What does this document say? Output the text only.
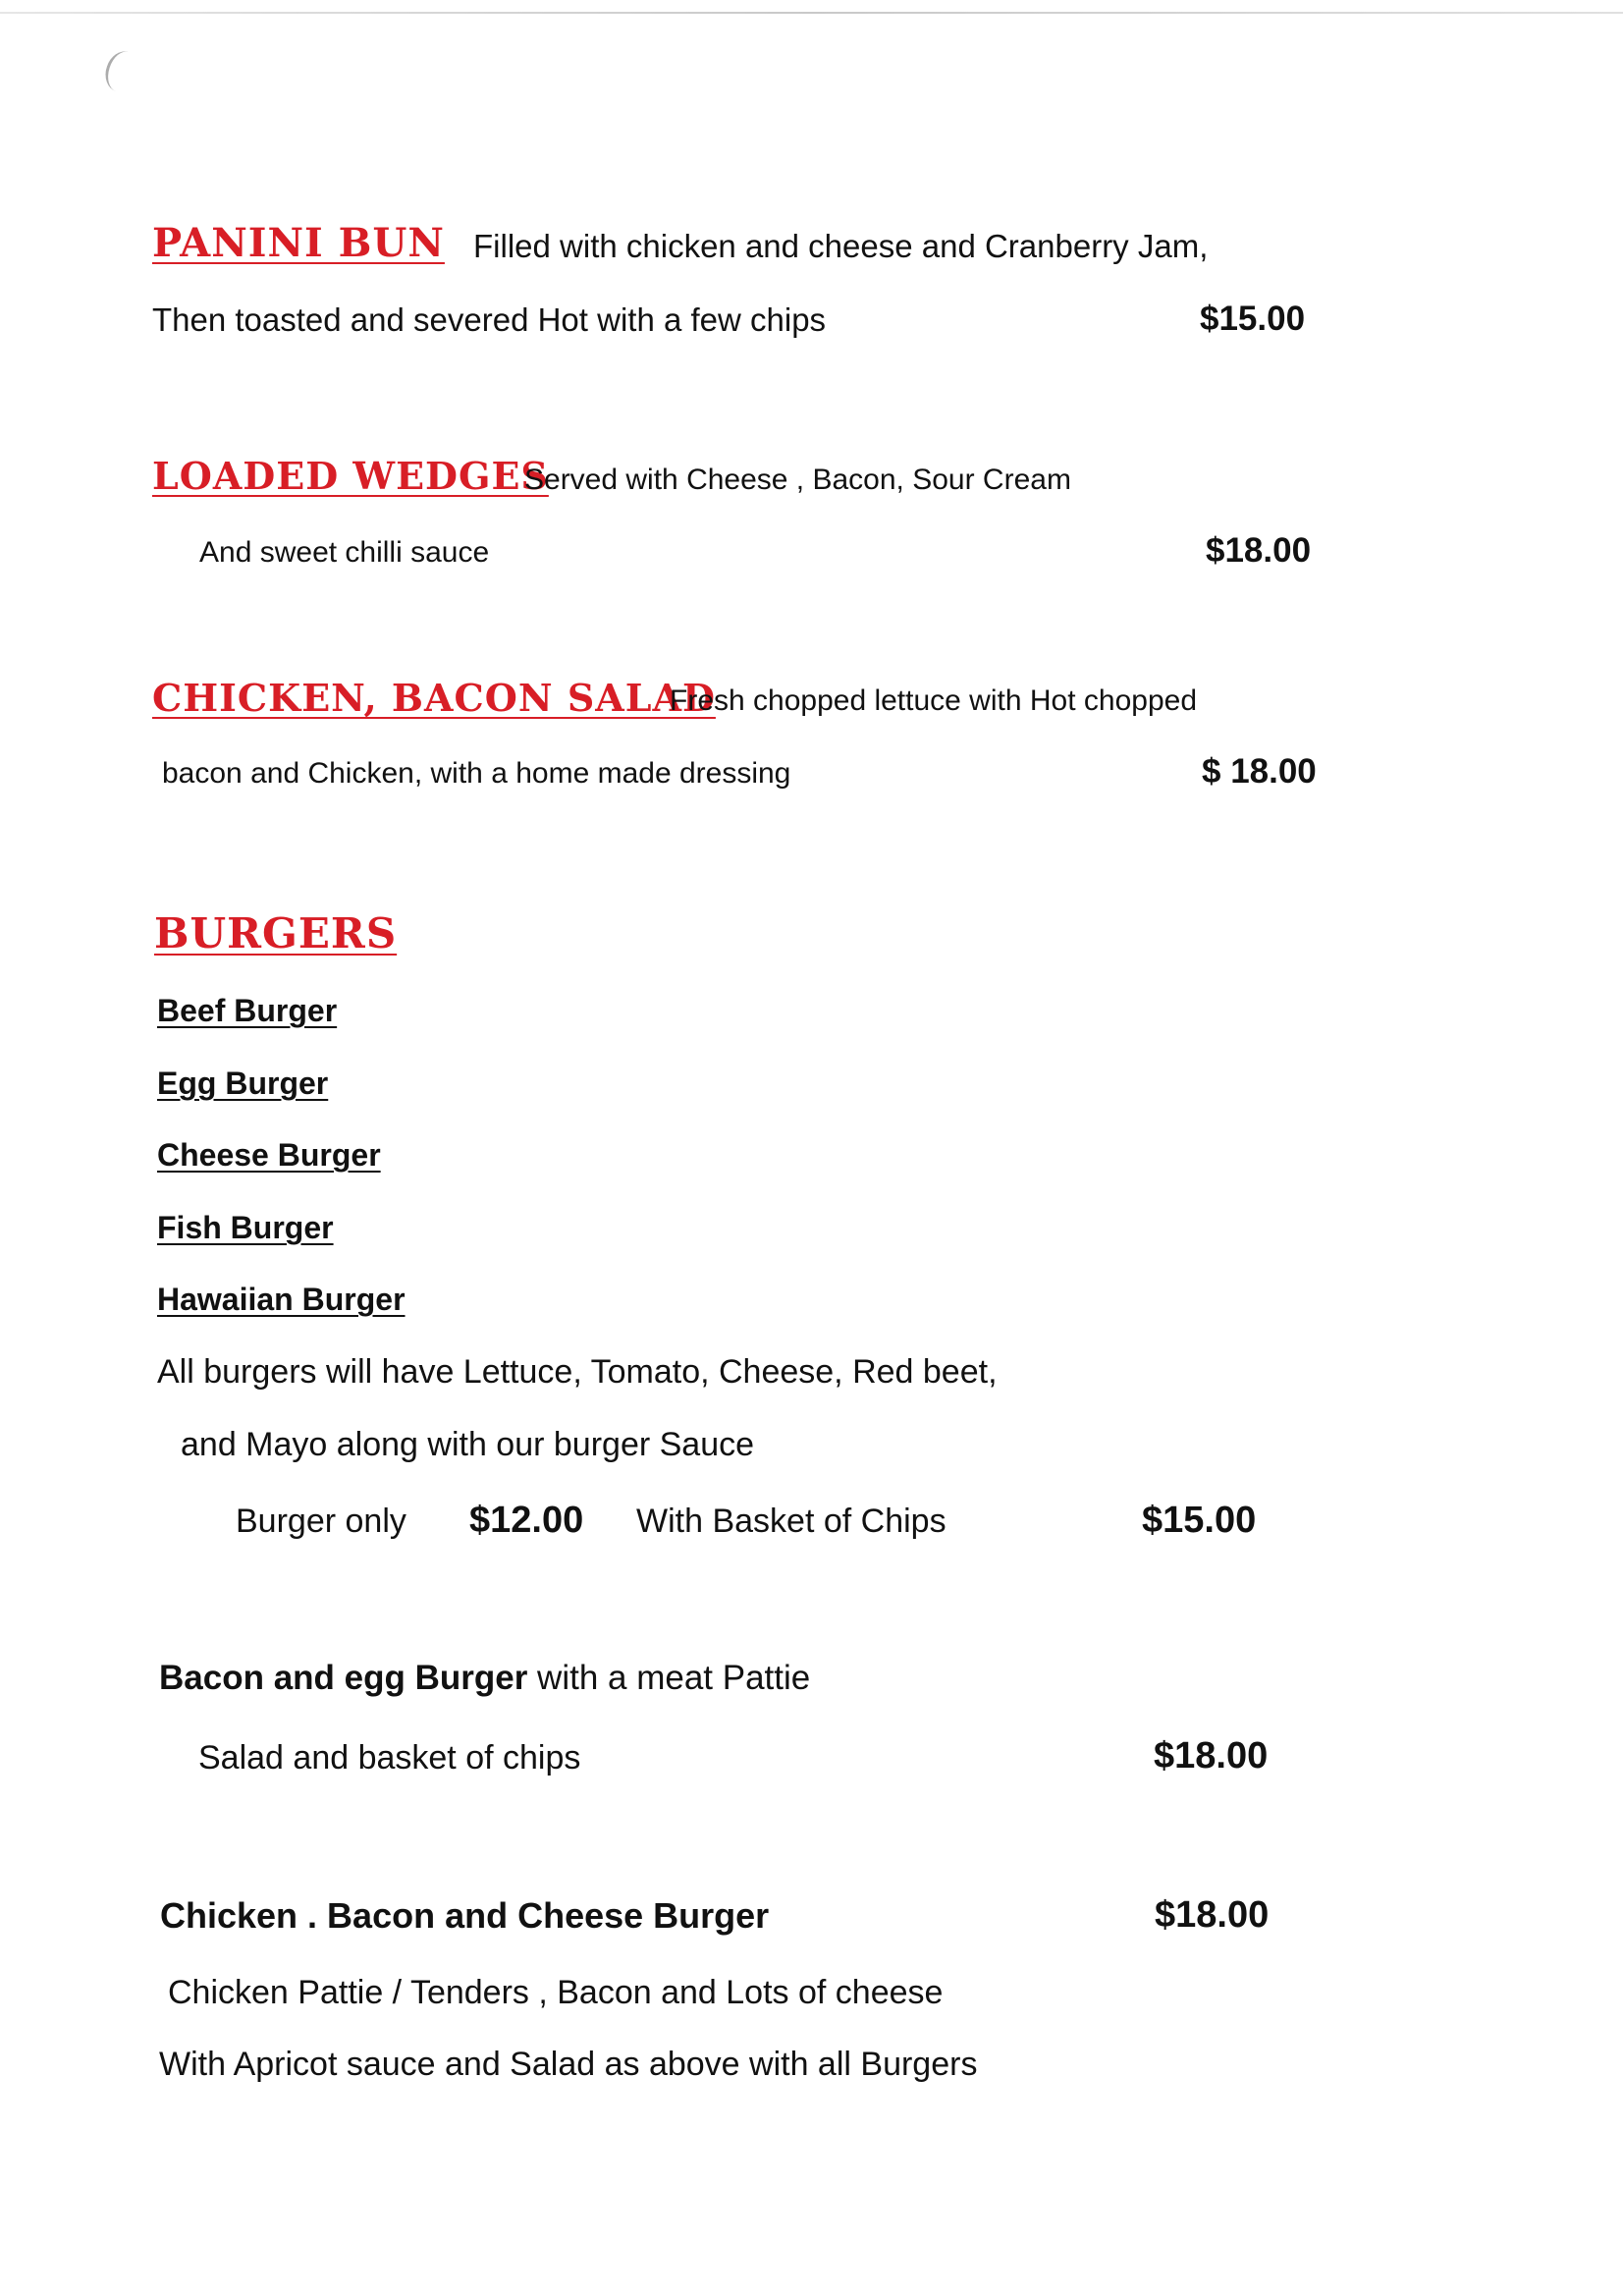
PANINI BUN Filled with chicken and cheese and Cranberry Jam,
Then toasted and severed Hot with a few chips	$15.00
LOADED WEDGES
Served with Cheese , Bacon, Sour Cream
And sweet chilli sauce	$18.00
CHICKEN, BACON SALAD
Fresh chopped lettuce with Hot chopped
bacon and Chicken, with a home made dressing	$ 18.00
BURGERS
Beef Burger
Egg Burger
Cheese Burger
Fish Burger
Hawaiian Burger
All burgers will have Lettuce, Tomato, Cheese, Red beet,
and Mayo along with our burger Sauce
Burger only $12.00 With Basket of Chips	$15.00
Bacon and egg Burger with a meat Pattie
Salad and basket of chips	$18.00
Chicken . Bacon and Cheese Burger	$18.00
Chicken Pattie / Tenders , Bacon and Lots of cheese
With Apricot sauce and Salad as above with all Burgers
